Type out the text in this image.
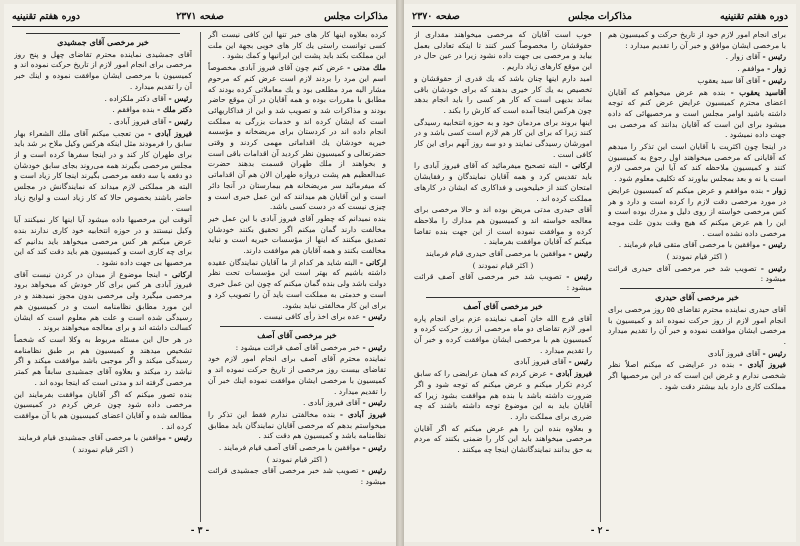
مذاكرات مجلس
صفحه ۲۳۷۱
دوره هفتم تقنينيه
كرده بعلاوه اینها كار های خیر تنها این كافی نیست اگر كسی توانست راستی یك كار های خوبی بجهة این ملت این مملكت بكند باید پشت این ایرانیها و كمك بشود .
ملك مدنی - عرض كنم چون آقای فیروز آبادی مخصوصاً اسم این مرد را بردند لازم است عرض كنم كه مرحوم مشار الیه مرد مطلعی بود و یك معاملاتی كرده بودند كه مطابق با مقررات بوده و همه آقایان در آن موقع حاضر بودند و مذاكرات شد و تصویب شد و این از فداكاریهائی است كه ایشان كرده اند و خدمات بزرگی به مملكت انجام داده اند در كردستان برای مریضخانه و مؤسسه خیریه خودشان یك اقداماتی مهمی كردند و وقتی حضرتعالی و كمیسیون نظر كردید آن اقدامات باقی است و بخواهند از ملك طهران قسمت بدهند حضرت عبدالعظیم هم پشت دروازه طهران الان هم آن اقداماتی كه میفرمائید سر مریضخانه هم بیمارستان در آنجا دائر است و این آقایان هم میدانند كه این عمل خیری است و چیزی نیست كه در دست كسی باشد.
بنده نمیدانم كه چطور آقای فیروز آبادی با این عمل خیر مخالفت دارند گمان میكنم اگر تحقیق بكنند خودشان تصدیق میكنند كه اینها از مؤسسات خیریه است و نباید مخالفت بكنند و همه آقایان هم موافقت دارند.
اركانی - البته شاید هر كدام از ما آقایان نمایندگان عقیده داشته باشیم كه بهتر است این مؤسسات تحت نظر دولت باشد ولی بنده گمان میكنم كه چون این عمل خیری است و خدمتی به مملكت است باید آن را تصویب كرد و برای این كار مخالفتی نباید بشود.
رئیس - عده برای اخذ رأی كافی نیست .
خبر مرخصی آقای آصف
رئیس - خبر مرخصی آقای آصف قرائت میشود :
نماینده محترم آقای آصف برای انجام امور لازم خود تقاضای بیست روز مرخصی از تاریخ حركت نموده اند و كمیسیون با مرخصی ایشان موافقت نموده اینك خبر آن را تقدیم میدارد .
رئیس - آقای فیروز آبادی .
فیروز آبادی - بنده مخالفتی ندارم فقط این تذكر را میخواستم بدهم كه مرخصی آقایان نمایندگان باید مطابق نظامنامه باشد و كمیسیون هم دقت كند .
رئیس - موافقین با مرخصی آقای آصف قیام فرمایند .
( اكثر قیام نمودند )
رئیس - تصویب شد خبر مرخصی آقای جمشیدی قرائت میشود :
خبر مرخصی آقای جمشیدی
آقای جمشیدی نماینده محترم تقاضای چهل و پنج روز مرخصی برای انجام امور لازم از تاریخ حركت نموده اند و كمیسیون با مرخصی ایشان موافقت نموده و اینك خبر آن را تقدیم میدارد .
رئیس - آقای دكتر ملكزاده .
دكتر ملك - بنده موافقم .
رئیس - آقای فیروز آبادی .
فیروز آبادی - من تعجب میكنم آقای ملك الشعراء بهار سابق را فرمودند مثل اینكه هركس وكیل ملاح بر شد باید برای طهران كار كند و در اینجا سفرها كرده است و از مجلس مرخصی بگیرند همه می‌روند بجای سابق خودشان دو دفعه یا سه دفعه مرخصی بگیرند اینجا كار زیاد است و البته هر مملكتی لازم میداند كه نمایندگانش در مجلس حاضر باشند بخصوص حالا كه كار زیاد است و لوایح زیاد است .
آنوقت این مرخصیها داده میشود آیا اینها كار نمیكنند آیا وكیل نیستند و در حوزه انتخابیه خود كاری ندارند بنده عرض میكنم هر كس مرخصی میخواهد باید بدانیم كه برای چه كاری است و كمیسیون هم باید دقت كند كه این مرخصیها بی جهت داده نشود .
اركانی - اینجا موضوع از میدان در كردن نیست آقای فیروز آبادی هر كس برای كار خودش كه میخواهد برود مرخصی میگیرد ولی مرخصی بدون مجوز نمیدهند و در این مورد مطابق نظامنامه است و در كمیسیون هم رسیدگی شده است و علت هم معلوم است كه ایشان كسالت داشته اند و برای معالجه میخواهند بروند .
در هر حال این مسئله مربوط به وكلا است كه شخصاً تشخیص میدهند و كمیسیون هم بر طبق نظامنامه رسیدگی میكند و اگر موجبی باشد موافقت میكند و اگر نباشد رد میكند و بعلاوه آقای جمشیدی سابقاً هم كمتر مرخصی گرفته اند و مدتی است كه اینجا بوده اند .
بنده تصور میكنم كه اگر آقایان موافقت بفرمایند این مرخصی داده شود چون عرض كردم در كمیسیون مطالعه شده و آقایان اعضای كمیسیون هم با آن موافقت كرده اند .
رئیس - موافقین با مرخصی آقای جمشیدی قیام فرمایند
( اكثر قیام نمودند )
- ۳ -
دوره هفتم تقنینیه
مذاكرات مجلس
صفحه ۲۳۷۰
برای انجام امور لازم خود از تاریخ حركت و كمیسیون هم با مرخصی ایشان موافق و خبر آن را تقدیم میدارد :
رئیس - آقای زوار .
زوار - موافقم .
رئیس - آقای آقا سید یعقوب
آقاسید یعقوب - بنده هم عرض میخواهم كه آقایان اعضای محترم كمیسیون عرایض عرض كنم كه توجه داشته باشید اوامر مجلس است و مرخصیهائی كه داده میشود برای این است كه آقایان بدانند كه مرخصی بی جهت داده نمیشود .
در اینجا چون اكثریت با آقایان است این تذكر را میدهم كه آقایانی كه مرخصی میخواهند اول رجوع به كمیسیون كنند و كمیسیون ملاحظه كند كه آیا این مرخصی لازم است یا نه و بعد بمجلس بیاورند كه تكلیف معلوم شود .
زوار - بنده موافقم و عرض میكنم كه كمیسیون عرایض در مورد مرخصی دقت لازم را كرده است و دارد و هر كس مرخصی خواسته از روی دلیل و مدرك بوده است و این را هم عرض میكنم كه هیچ وقت بدون علت موجه مرخصی داده نشده است .
رئیس - موافقین با مرخصی آقای متقی قیام فرمایند .
( اكثر قیام نمودند )
رئیس - تصویب شد خبر مرخصی آقای حیدری قرائت میشود :
خبر مرخصی آقای حیدری
آقای حیدری نماینده محترم تقاضای ۵۵ روز مرخصی برای انجام امور لازم از روز حركت نموده اند و كمیسیون با مرخصی ایشان موافقت نموده و خبر آن را تقدیم میدارد .
رئیس - آقای فیروز آبادی
فیروز آبادی - بنده در عرایضی كه میكنم اصلاً نظر شخصی ندارم و غرض این است كه در این مرخصیها اگر مملكت كاری دارد باید بیشتر دقت شود .
خوب است آقایان كه مرخصی میخواهند مقداری از حقوقشان را مخصوصاً كسر كنند تا اینكه تعادلی بعمل بیاید و مرخصی بی جهت داده نشود زیرا در عین حال در این موقع كارهای زیاد داریم .
امید دارم اینها چنان باشد كه یك قدری از حقوقشان و تخصیص به یك كار خیری بدهند كه برای خودشان باقی بماند بدیهی است كه كار هر كسی را باید انجام بدهد چون هركس اینجا آمده است كه كارش را بكند .
اینها بروند برای مردمان خود و به حوزه انتخابیه رسیدگی كنند زیرا كه برای این كار هم لازم است كسی باشد و در امورشان رسیدگی نمایند و دو سه روز آنهم برای این كار كافی است .
اركانی - البته تصحیح میفرمائید كه آقای فیروز آبادی را باید تقدیس كرد و همه آقایان نمایندگان و رفقایشان امتحان كنند از خیلیخوبی و فداكاری كه ایشان در كارهای مملكت كرده اند .
آقای حیدری مدتی مریض بوده اند و حالا مرخصی برای معالجه خواسته اند و كمیسیون هم مدارك را ملاحظه كرده و موافقت نموده است از این جهت بنده تقاضا میكنم كه آقایان موافقت بفرمایند .
رئیس - موافقین با مرخصی آقای حیدری قیام فرمایند
( اكثر قیام نمودند )
رئیس - تصویب شد خبر مرخصی آقای آصف قرائت میشود :
خبر مرخصی آقای آصف
آقای فرج الله خان آصف نماینده عزم برای انجام پاره امور لازم تقاضای دو ماه مرخصی از روز حركت كرده و كمیسیون هم با مرخصی ایشان موافقت كرده و خبر آن را تقدیم میدارد .
رئیس - آقای فیروز آبادی
فیروز آبادی - عرض كردم كه همان عرایضی را كه سابق كردم تكرار میكنم و عرض میكنم كه توجه شود و اگر ضرورت داشته باشد با بنده هم موافقت بشود زیرا كه آقایان باید به این موضوع توجه داشته باشند كه چه ضرری برای مملكت دارد .
و بعلاوه بنده این را هم عرض میكنم كه اگر آقایان مرخصی میخواهند باید این كار را ضمنی بكنند كه مردم به حق بدانند نمایندگانشان اینجا چه میكنند .
- ۲ -
